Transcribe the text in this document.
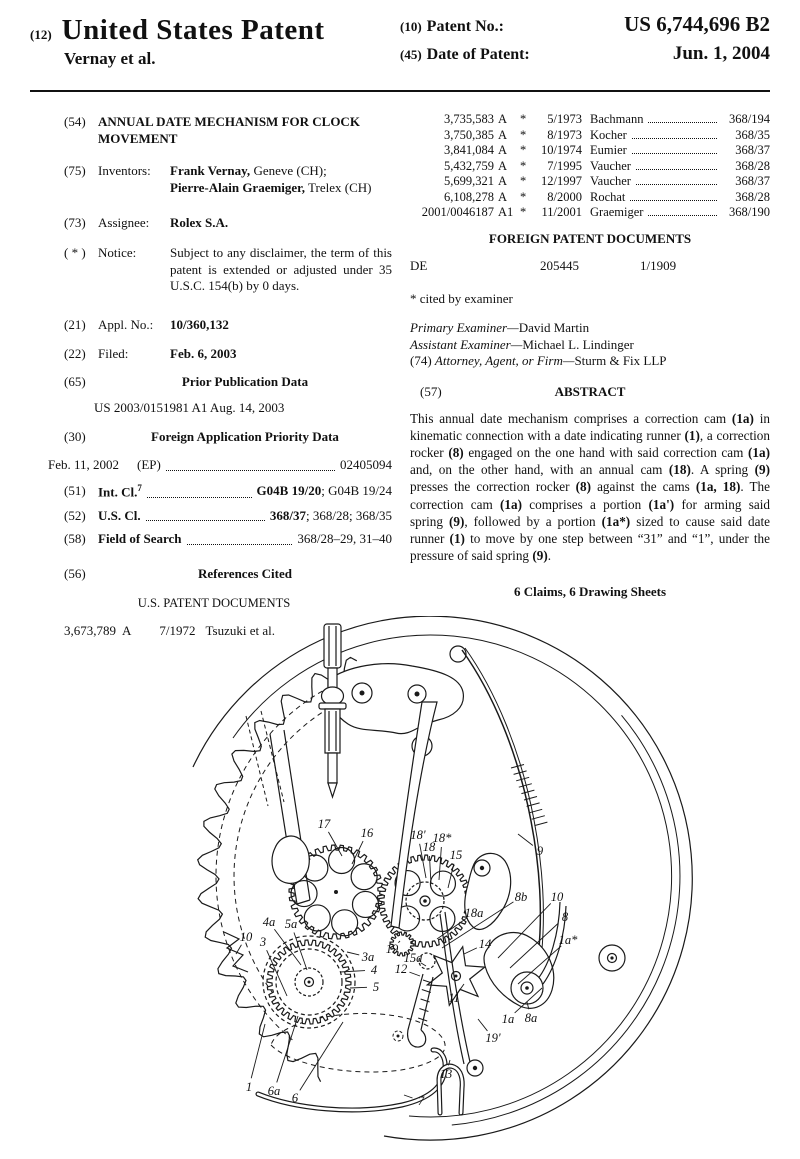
(12) United States Patent
Vernay et al.
(10) Patent No.:	US 6,744,696 B2
(45) Date of Patent:	Jun. 1, 2004
(54) ANNUAL DATE MECHANISM FOR CLOCK
MOVEMENT
(75) Inventors:	Frank Vernay, Geneve (CH);
Pierre-Alain Graemiger, Trelex (CH)
(73) Assignee:	Rolex S.A.
( * ) Notice:	Subject to any disclaimer, the term of this patent is extended or adjusted under 35 U.S.C. 154(b) by 0 days.
(21) Appl. No.:	10/360,132
(22) Filed:	Feb. 6, 2003
(65)	Prior Publication Data
US 2003/0151981 A1 Aug. 14, 2003
(30)	Foreign Application Priority Data
Feb. 11, 2002 (EP)	02405094
(51) Int. Cl.$^7$	G04B 19/20; G04B 19/24
(52) U.S. Cl.	368/37; 368/28; 368/35
(58) Field of Search	368/28–29, 31–40
(56)	References Cited
U.S. PATENT DOCUMENTS
3,673,789 A 7/1972 Tsuzuki et al.
3,735,583 A	*	5/1973 Bachmann	368/194
3,750,385 A	*	8/1973 Kocher	368/35
3,841,084 A	*	10/1974 Eumier	368/37
5,432,759 A	*	7/1995 Vaucher	368/28
5,699,321 A	*	12/1997 Vaucher	368/37
6,108,278 A	*	8/2000 Rochat	368/28
2001/0046187 A1 *	11/2001 Graemiger	368/190
FOREIGN PATENT DOCUMENTS
DE	205445	1/1909
* cited by examiner
Primary Examiner—David Martin
Assistant Examiner—Michael L. Lindinger
(74) Attorney, Agent, or Firm—Sturm & Fix LLP
(57)	ABSTRACT
This annual date mechanism comprises a correction cam (1a) in kinematic connection with a date indicating runner (1), a correction rocker (8) engaged on the one hand with said correction cam (1a) and, on the other hand, with an annual cam (18). A spring (9) presses the correction rocker (8) against the cams (1a, 18). The correction cam (1a) comprises a portion (1a') for arming said spring (9), followed by a portion (1a*) sized to cause said date runner (1) to move by one step between “31” and “1”, under the pressure of said spring (9).
6 Claims, 6 Drawing Sheets
17
16	18' 18*
18
15	9
8b 10
8
1a*
18a
14
19
15a
12
11
1a 8a
19'
13
7
6
6a
1
10 3
4a 5a
3a
4
5
